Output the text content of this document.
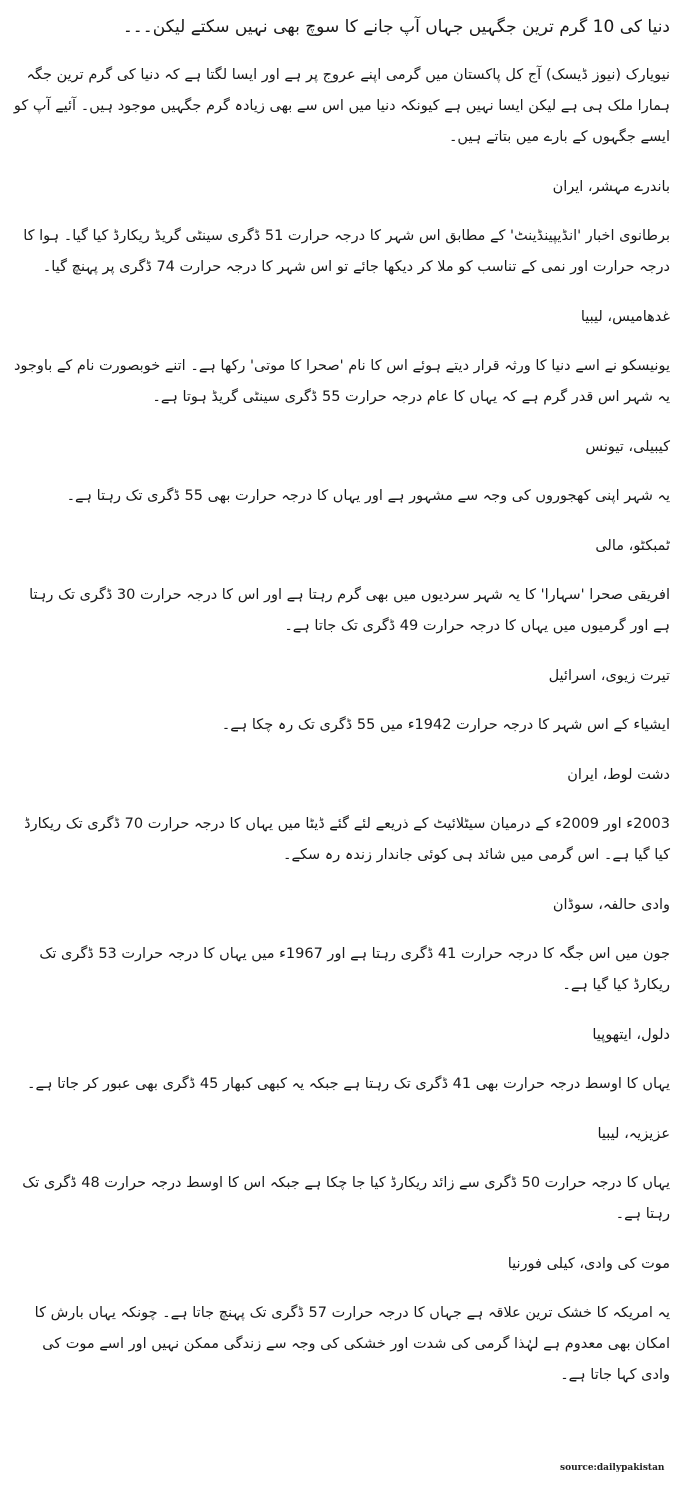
دنیا کی 10 گرم ترین جگہیں جہاں آپ جانے کا سوچ بھی نہیں سکتے لیکن۔۔۔

نیویارک (نیوز ڈیسک) آج کل پاکستان میں گرمی اپنے عروج پر ہے اور ایسا لگتا ہے کہ دنیا کی گرم ترین جگہ ہمارا ملک ہی ہے لیکن ایسا نہیں ہے کیونکہ دنیا میں اس سے بھی زیادہ گرم جگہیں موجود ہیں۔ آئیے آپ کو ایسے جگہوں کے بارے میں بتاتے ہیں۔

باندرے مہشر، ایران

برطانوی اخبار 'انڈیپینڈینٹ' کے مطابق اس شہر کا درجہ حرارت 51 ڈگری سینٹی گریڈ ریکارڈ کیا گیا۔ ہوا کا درجہ حرارت اور نمی کے تناسب کو ملا کر دیکھا جائے تو اس شہر کا درجہ حرارت 74 ڈگری پر پہنچ گیا۔

غدھامیس، لیبیا

یونیسکو نے اسے دنیا کا ورثہ قرار دیتے ہوئے اس کا نام 'صحرا کا موتی' رکھا ہے۔ اتنے خوبصورت نام کے باوجود یہ شہر اس قدر گرم ہے کہ یہاں کا عام درجہ حرارت 55 ڈگری سینٹی گریڈ ہوتا ہے۔

کیبیلی، تیونس

یہ شہر اپنی کھجوروں کی وجہ سے مشہور ہے اور یہاں کا درجہ حرارت بھی 55 ڈگری تک رہتا ہے۔

ٹمبکٹو، مالی

افریقی صحرا 'سہارا' کا یہ شہر سردیوں میں بھی گرم رہتا ہے اور اس کا درجہ حرارت 30 ڈگری تک رہتا ہے اور گرمیوں میں یہاں کا درجہ حرارت 49 ڈگری تک جاتا ہے۔

تیرت زیوی، اسرائیل

ایشیاء کے اس شہر کا درجہ حرارت 1942ء میں 55 ڈگری تک رہ چکا ہے۔

دشت لوط، ایران

2003ء اور 2009ء کے درمیان سیٹلائیٹ کے ذریعے لئے گئے ڈیٹا میں یہاں کا درجہ حرارت 70 ڈگری تک ریکارڈ کیا گیا ہے۔ اس گرمی میں شائد ہی کوئی جاندار زندہ رہ سکے۔

وادی حالفہ، سوڈان

جون میں اس جگہ کا درجہ حرارت 41 ڈگری رہتا ہے اور 1967ء میں یہاں کا درجہ حرارت 53 ڈگری تک ریکارڈ کیا گیا ہے۔

دلول، ایتھوپیا

یہاں کا اوسط درجہ حرارت بھی 41 ڈگری تک رہتا ہے جبکہ یہ کبھی کبھار 45 ڈگری بھی عبور کر جاتا ہے۔

عزیزیہ، لیبیا

یہاں کا درجہ حرارت 50 ڈگری سے زائد ریکارڈ کیا جا چکا ہے جبکہ اس کا اوسط درجہ حرارت 48 ڈگری تک رہتا ہے۔

موت کی وادی، کیلی فورنیا

یہ امریکہ کا خشک ترین علاقہ ہے جہاں کا درجہ حرارت 57 ڈگری تک پہنچ جاتا ہے۔ چونکہ یہاں بارش کا امکان بھی معدوم ہے لہٰذا گرمی کی شدت اور خشکی کی وجہ سے زندگی ممکن نہیں اور اسے موت کی وادی کہا جاتا ہے۔

source:dailypakistan
